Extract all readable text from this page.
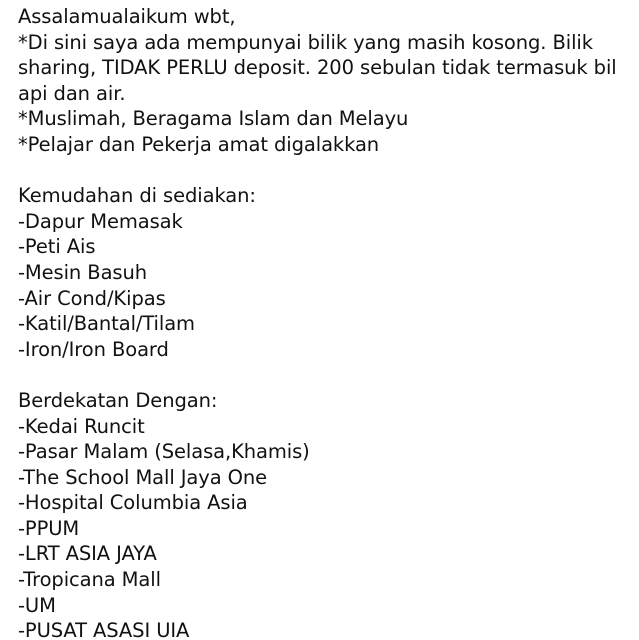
Assalamualaikum wbt,
*Di sini saya ada mempunyai bilik yang masih kosong. Bilik sharing, TIDAK PERLU deposit. 200 sebulan tidak termasuk bil api dan air.
*Muslimah, Beragama Islam dan Melayu
*Pelajar dan Pekerja amat digalakkan
Kemudahan di sediakan:
-Dapur Memasak
-Peti Ais
-Mesin Basuh
-Air Cond/Kipas
-Katil/Bantal/Tilam
-Iron/Iron Board
Berdekatan Dengan:
-Kedai Runcit
-Pasar Malam (Selasa,Khamis)
-The School Mall Jaya One
-Hospital Columbia Asia
-PPUM
-LRT ASIA JAYA
-Tropicana Mall
-UM
-PUSAT ASASI UIA
